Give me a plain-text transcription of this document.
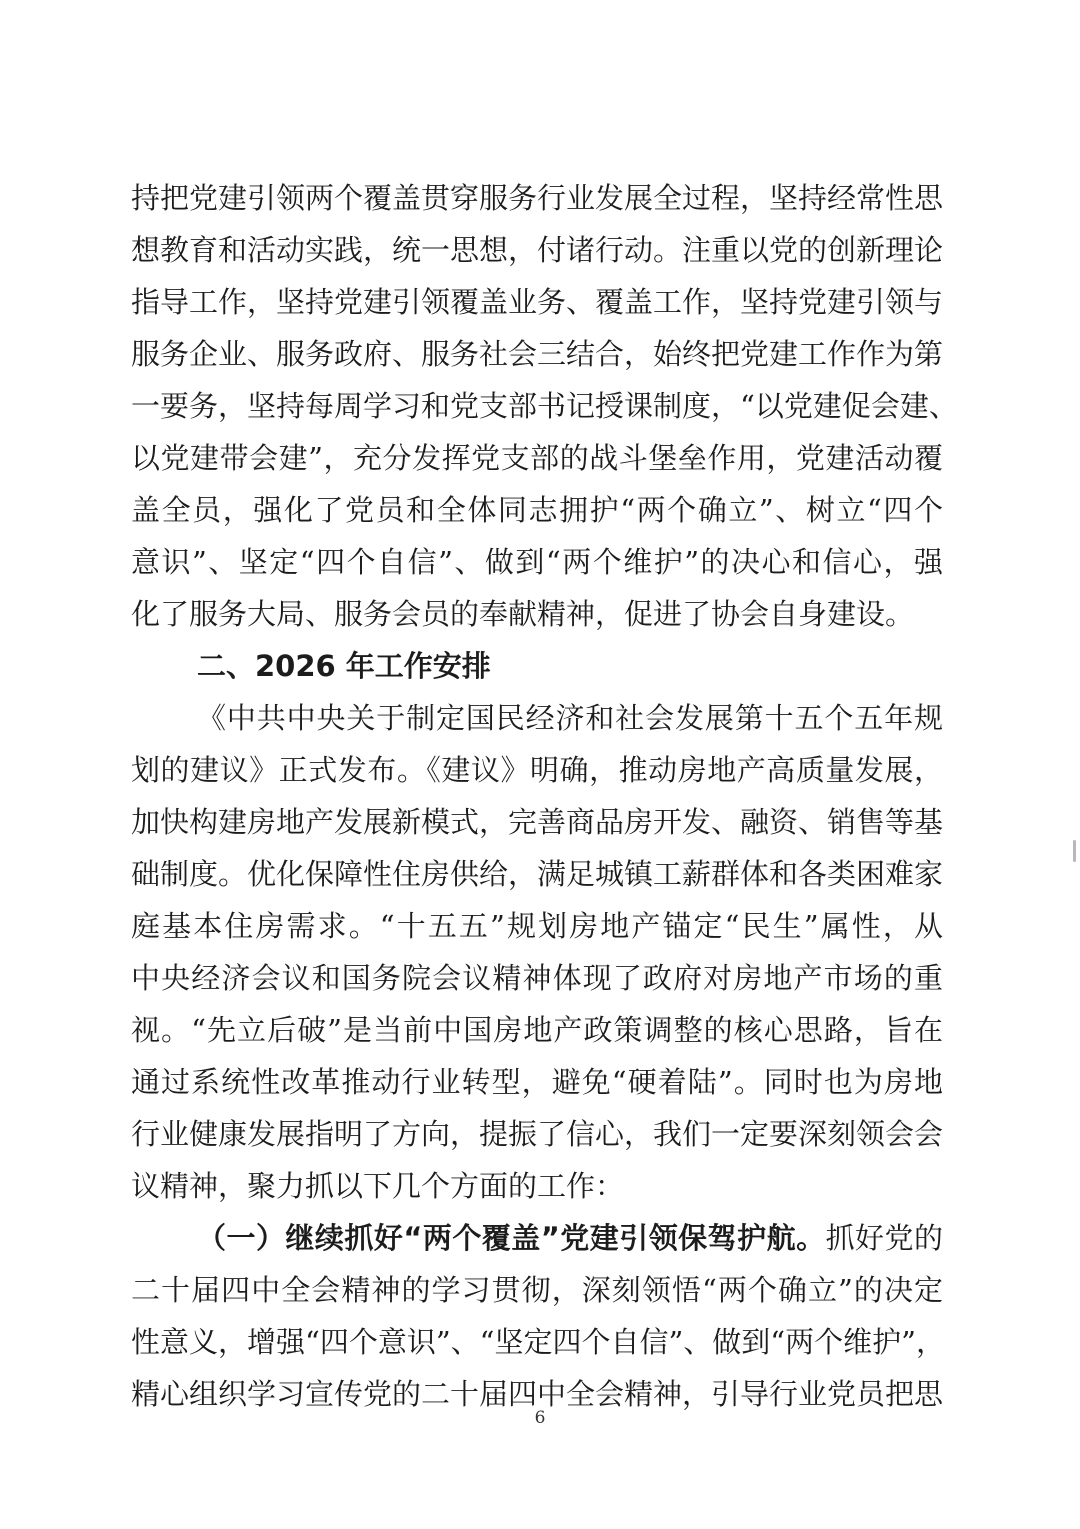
持把党建引领两个覆盖贯穿服务行业发展全过程，坚持经常性思
想教育和活动实践，统一思想，付诸行动。注重以党的创新理论
指导工作，坚持党建引领覆盖业务、覆盖工作，坚持党建引领与
服务企业、服务政府、服务社会三结合，始终把党建工作作为第
一要务，坚持每周学习和党支部书记授课制度，“以党建促会建、
以党建带会建”，充分发挥党支部的战斗堡垒作用，党建活动覆
盖全员，强化了党员和全体同志拥护“两个确立”、树立“四个
意识”、坚定“四个自信”、做到“两个维护”的决心和信心，强
化了服务大局、服务会员的奉献精神，促进了协会自身建设。
二、2026 年工作安排
《中共中央关于制定国民经济和社会发展第十五个五年规
划的建议》正式发布。《建议》明确，推动房地产高质量发展，
加快构建房地产发展新模式，完善商品房开发、融资、销售等基
础制度。优化保障性住房供给，满足城镇工薪群体和各类困难家
庭基本住房需求。“十五五”规划房地产锚定“民生”属性，从
中央经济会议和国务院会议精神体现了政府对房地产市场的重
视。“先立后破”是当前中国房地产政策调整的核心思路，旨在
通过系统性改革推动行业转型，避免“硬着陆”。同时也为房地
行业健康发展指明了方向，提振了信心，我们一定要深刻领会会
议精神，聚力抓以下几个方面的工作：
（一）继续抓好“两个覆盖”党建引领保驾护航。抓好党的
二十届四中全会精神的学习贯彻，深刻领悟“两个确立”的决定
性意义，增强“四个意识”、“坚定四个自信”、做到“两个维护”，
精心组织学习宣传党的二十届四中全会精神，引导行业党员把思
6
